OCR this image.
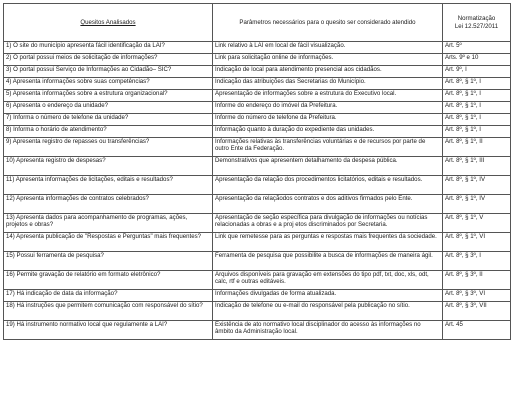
Quesitos Analisados	Parâmetros necessários para o quesito ser considerado atendido	Normatização
Lei 12.527/2011

1) O site do município apresenta fácil identificação da LAI?	Link relativo à LAI em local de fácil visualização.	Art. 5º
2) O portal possui meios de solicitação de informações?	Link para solicitação online de informações.	Arts. 9º e 10
3) O portal possui Serviço de Informações ao Cidadão– SIC?	Indicação de local para atendimento presencial aos cidadãos.	Art. 9º, I
4) Apresenta informações sobre suas competências?	Indicação das atribuições das Secretarias do Município.	Art. 8º, § 1º, I
5) Apresenta informações sobre a estrutura organizacional?	Apresentação de informações sobre a estrutura do Executivo local.	Art. 8º, § 1º, I
6) Apresenta o endereço da unidade?	Informe do endereço do imóvel da Prefeitura.	Art. 8º, § 1º, I
7) Informa o número de telefone da unidade?	Informe do número de telefone da Prefeitura.	Art. 8º, § 1º, I
8) Informa o horário de atendimento?	Informação quanto à duração do expediente das unidades.	Art. 8º, § 1º, I
9) Apresenta registro de repasses ou transferências?	Informações relativas às transferências voluntárias e de recursos por parte de outro Ente da Federação.	Art. 8º, § 1º, II
10) Apresenta registro de despesas?	Demonstrativos que apresentem detalhamento da despesa pública.	Art. 8º, § 1º, III
11) Apresenta informações de licitações, editais e resultados?	Apresentação da relação dos procedimentos licitatórios, editais e resultados.	Art. 8º, § 1º, IV
12) Apresenta informações de contratos celebrados?	Apresentação da relaçãodos contratos e dos aditivos firmados pelo Ente.	Art. 8º, § 1º, IV
13) Apresenta dados para acompanhamento de programas, ações, projetos e obras?	Apresentação de seção específica para divulgação de informações ou notícias relacionadas a obras e a proj etos discriminados por Secretaria.	Art. 8º, § 1º, V
14) Apresenta publicação de "Respostas e Perguntas" mais frequentes?	Link que remetesse para as perguntas e respostas mais frequentes da sociedade.	Art. 8º, § 1º, VI
15) Possui ferramenta de pesquisa?	Ferramenta de pesquisa que possibilite a busca de informações de maneira ágil.	Art. 8º, § 3º, I
16) Permite gravação de relatório em formato eletrônico?	Arquivos disponíveis para gravação em extensões do tipo pdf, txt, doc, xls, odt, calc, rtf e outras editáveis.	Art. 8º, § 3º, II
17) Há indicação de data da informação?	Informações divulgadas de forma atualizada.	Art. 8º, § 3º, VI
18) Há instruções que permitem comunicação com responsável do sítio?	Indicação de telefone ou e-mail do responsável pela publicação no sítio.	Art. 8º, § 3º, VII
19) Há instrumento normativo local que regulamente a LAI?	Existência de ato normativo local disciplinador do acesso às informações no âmbito da Administração local.	Art. 45
